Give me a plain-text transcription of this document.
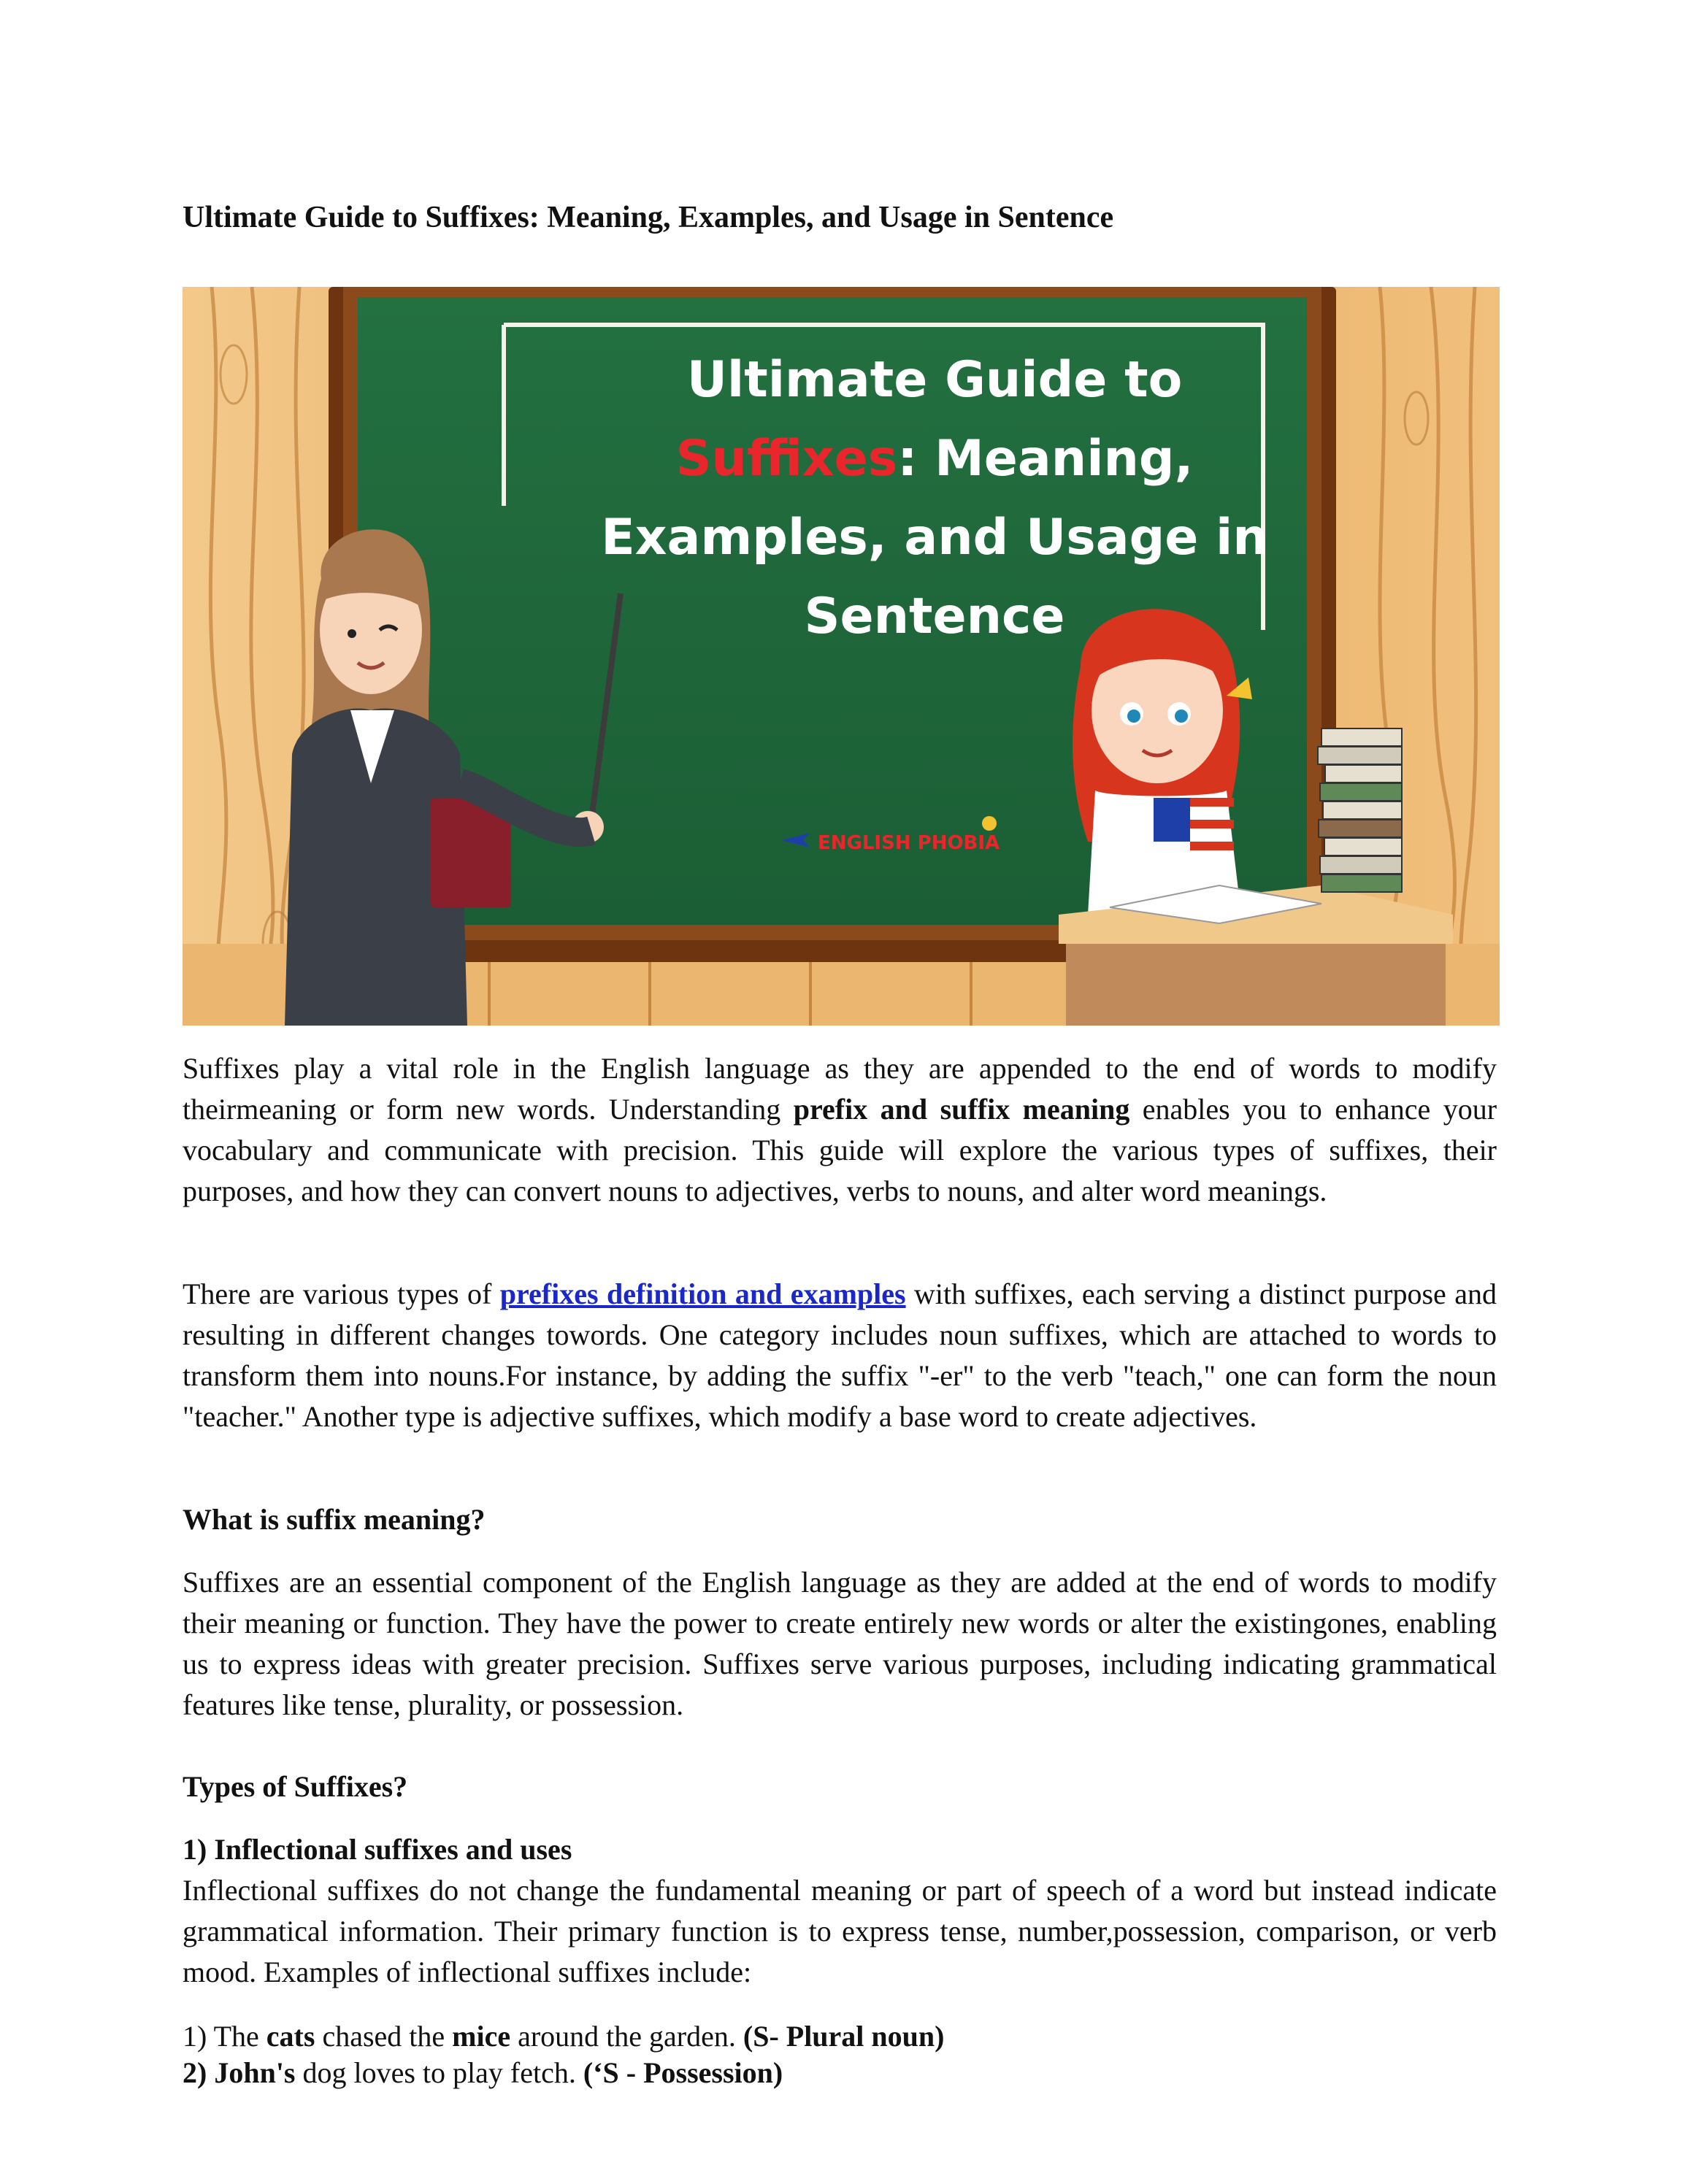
Ultimate Guide to Suffixes: Meaning, Examples, and Usage in Sentence
Ultimate Guide to
Suffixes: Meaning,
Examples, and Usage in
Sentence
ENGLISH PHOBIA

Suffixes play a vital role in the English language as they are appended to the end of words to modify theirmeaning or form new words. Understanding prefix and suffix meaning enables you to enhance your vocabulary and communicate with precision. This guide will explore the various types of suffixes, their purposes, and how they can convert nouns to adjectives, verbs to nouns, and alter word meanings.

There are various types of prefixes definition and examples with suffixes, each serving a distinct purpose and resulting in different changes towords. One category includes noun suffixes, which are attached to words to transform them into nouns.For instance, by adding the suffix "-er" to the verb "teach," one can form the noun "teacher." Another type is adjective suffixes, which modify a base word to create adjectives.

What is suffix meaning?

Suffixes are an essential component of the English language as they are added at the end of words to modify their meaning or function. They have the power to create entirely new words or alter the existingones, enabling us to express ideas with greater precision. Suffixes serve various purposes, including indicating grammatical features like tense, plurality, or possession.

Types of Suffixes?
1) Inflectional suffixes and uses

Inflectional suffixes do not change the fundamental meaning or part of speech of a word but instead indicate grammatical information. Their primary function is to express tense, number,possession, comparison, or verb mood. Examples of inflectional suffixes include:

1) The cats chased the mice around the garden. (S- Plural noun)

2) John's dog loves to play fetch. (‘S - Possession)
